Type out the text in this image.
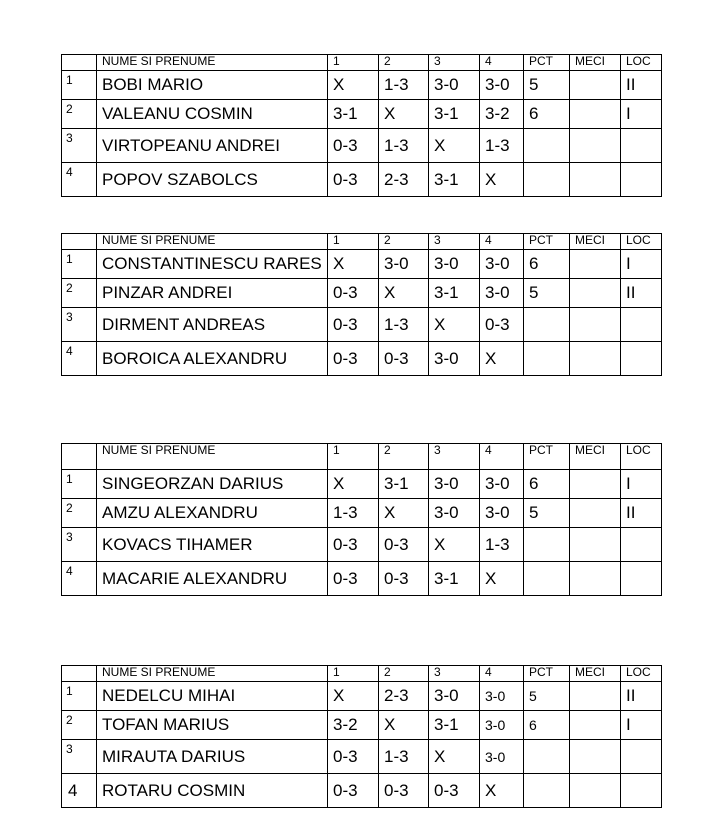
	NUME SI PRENUME	1	2	3	4	PCT	MECI	LOC
1	BOBI MARIO	X	1-3	3-0	3-0	5		II
2	VALEANU COSMIN	3-1	X	3-1	3-2	6		I
3	VIRTOPEANU ANDREI	0-3	1-3	X	1-3			
4	POPOV SZABOLCS	0-3	2-3	3-1	X			
	NUME SI PRENUME	1	2	3	4	PCT	MECI	LOC
1	CONSTANTINESCU RARES	X	3-0	3-0	3-0	6		I
2	PINZAR ANDREI	0-3	X	3-1	3-0	5		II
3	DIRMENT ANDREAS	0-3	1-3	X	0-3			
4	BOROICA ALEXANDRU	0-3	0-3	3-0	X			
	NUME SI PRENUME	1	2	3	4	PCT	MECI	LOC
1	SINGEORZAN DARIUS	X	3-1	3-0	3-0	6		I
2	AMZU ALEXANDRU	1-3	X	3-0	3-0	5		II
3	KOVACS TIHAMER	0-3	0-3	X	1-3			
4	MACARIE ALEXANDRU	0-3	0-3	3-1	X			
	NUME SI PRENUME	1	2	3	4	PCT	MECI	LOC
1	NEDELCU MIHAI	X	2-3	3-0	3-0	5		II
2	TOFAN MARIUS	3-2	X	3-1	3-0	6		I
3	MIRAUTA DARIUS	0-3	1-3	X	3-0			
4	ROTARU COSMIN	0-3	0-3	0-3	X			
